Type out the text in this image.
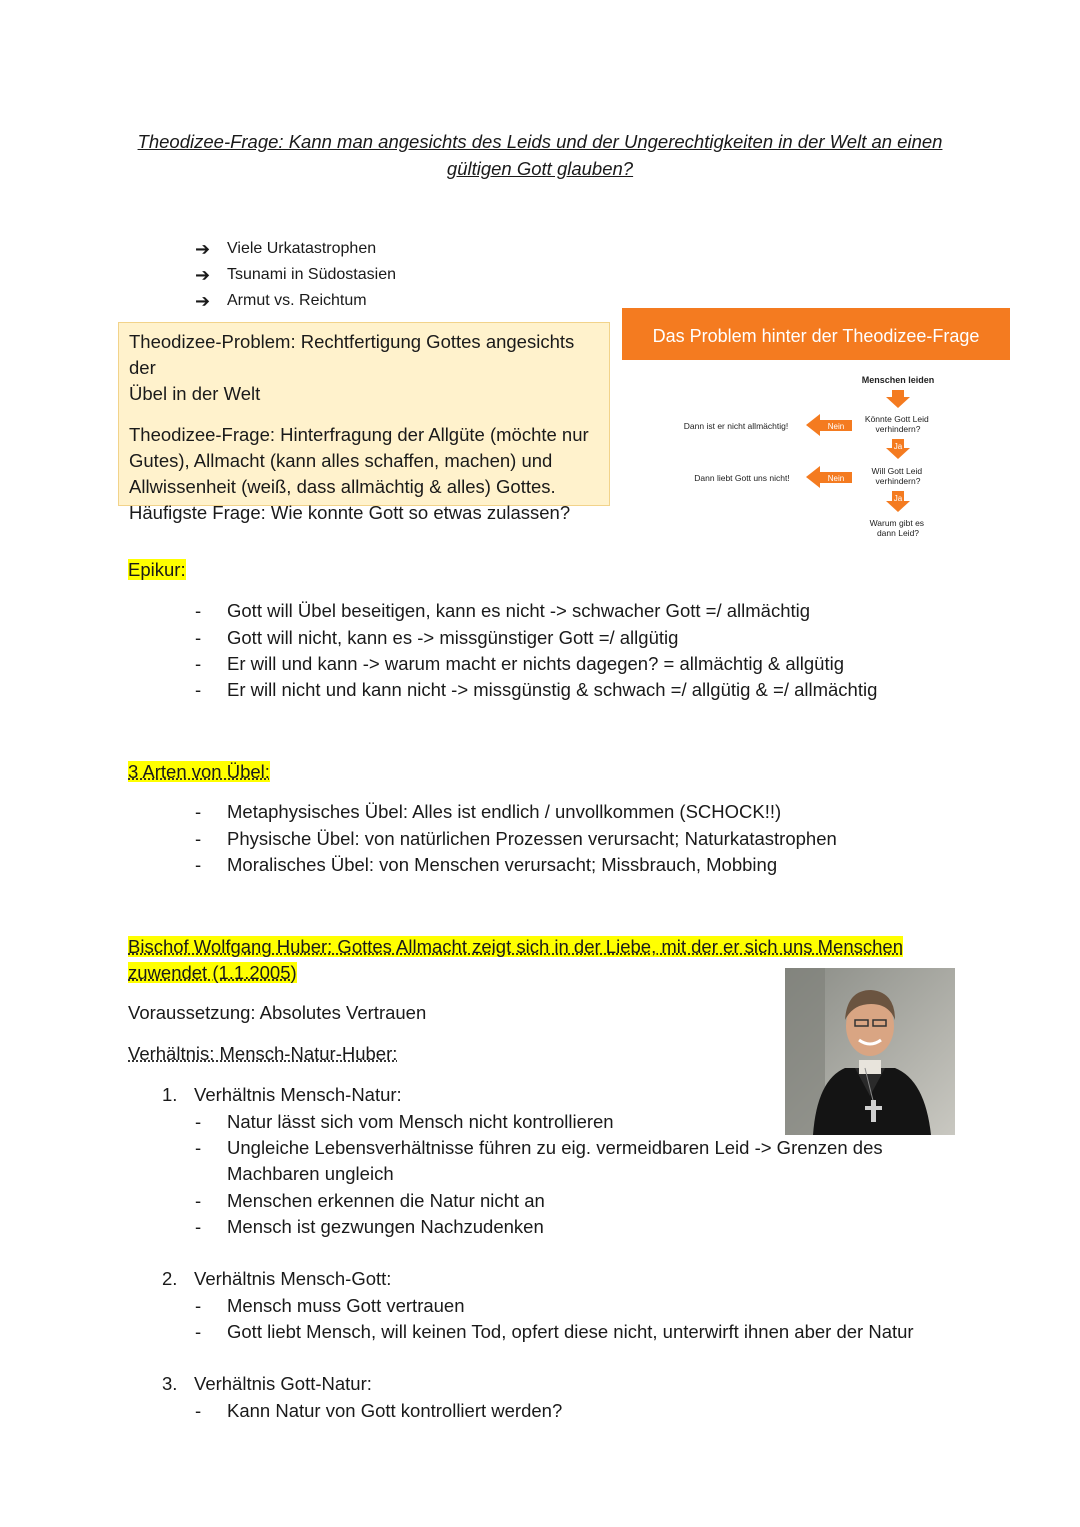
Theodizee-Frage: Kann man angesichts des Leids und der Ungerechtigkeiten in der Welt an einen
gültigen Gott glauben?
➔	Viele Urkatastrophen
➔	Tsunami in Südostasien
➔	Armut vs. Reichtum

Theodizee-Problem: Rechtfertigung Gottes angesichts der
Übel in der Welt

Theodizee-Frage: Hinterfragung der Allgüte (möchte nur
Gutes), Allmacht (kann alles schaffen, machen) und
Allwissenheit (weiß, dass allmächtig & alles) Gottes.
Häufigste Frage: Wie konnte Gott so etwas zulassen?

Das Problem hinter der Theodizee-Frage
Menschen leiden
Könnte Gott Leid verhindern?
Nein
Dann ist er nicht allmächtig!
Ja
Will Gott Leid verhindern?
Nein
Dann liebt Gott uns nicht!
Ja
Warum gibt es dann Leid?
Epikur:
-	Gott will Übel beseitigen, kann es nicht -> schwacher Gott =/ allmächtig
-	Gott will nicht, kann es -> missgünstiger Gott =/ allgütig
-	Er will und kann -> warum macht er nichts dagegen? = allmächtig & allgütig
-	Er will nicht und kann nicht -> missgünstig & schwach =/ allgütig & =/ allmächtig
3 Arten von Übel:
-	Metaphysisches Übel: Alles ist endlich / unvollkommen (SCHOCK!!)
-	Physische Übel: von natürlichen Prozessen verursacht; Naturkatastrophen
-	Moralisches Übel: von Menschen verursacht; Missbrauch, Mobbing
Bischof Wolfgang Huber: Gottes Allmacht zeigt sich in der Liebe, mit der er sich uns Menschen
zuwendet (1.1.2005)
Voraussetzung: Absolutes Vertrauen
Verhältnis: Mensch-Natur-Huber:
1. Verhältnis Mensch-Natur:
-	Natur lässt sich vom Mensch nicht kontrollieren
-	Ungleiche Lebensverhältnisse führen zu eig. vermeidbaren Leid -> Grenzen des
Machbaren ungleich
-	Menschen erkennen die Natur nicht an
-	Mensch ist gezwungen Nachzudenken
2. Verhältnis Mensch-Gott:
-	Mensch muss Gott vertrauen
-	Gott liebt Mensch, will keinen Tod, opfert diese nicht, unterwirft ihnen aber der Natur
3. Verhältnis Gott-Natur:
-	Kann Natur von Gott kontrolliert werden?
